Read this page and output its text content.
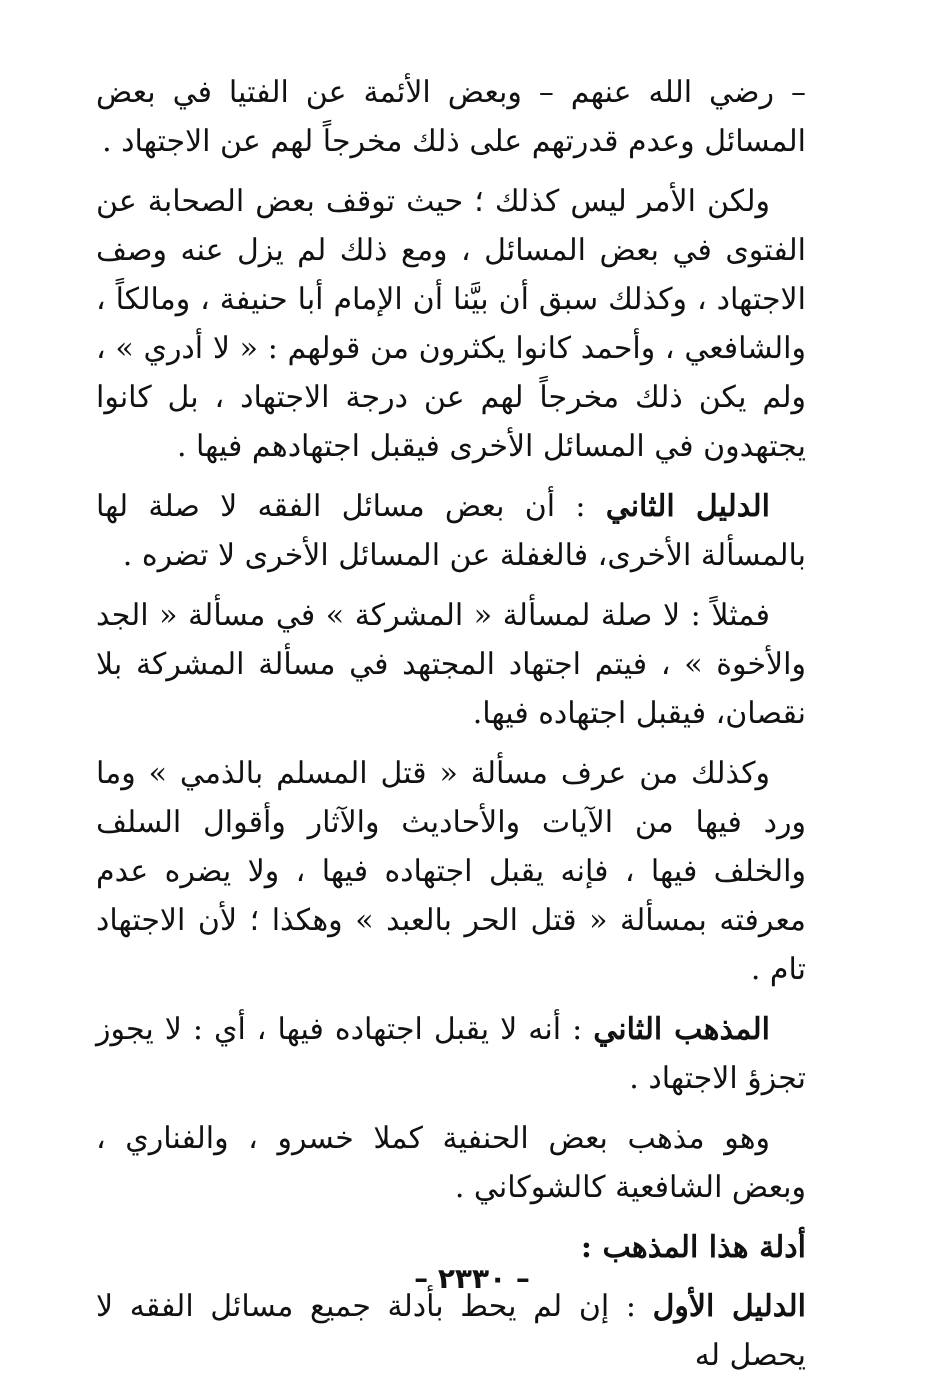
– رضي الله عنهم – وبعض الأئمة عن الفتيا في بعض المسائل وعدم قدرتهم على ذلك مخرجاً لهم عن الاجتهاد .

ولكن الأمر ليس كذلك ؛ حيث توقف بعض الصحابة عن الفتوى في بعض المسائل ، ومع ذلك لم يزل عنه وصف الاجتهاد ، وكذلك سبق أن بيَّنا أن الإمام أبا حنيفة ، ومالكاً ، والشافعي ، وأحمد كانوا يكثرون من قولهم : « لا أدري » ، ولم يكن ذلك مخرجاً لهم عن درجة الاجتهاد ، بل كانوا يجتهدون في المسائل الأخرى فيقبل اجتهادهم فيها .

الدليل الثاني : أن بعض مسائل الفقه لا صلة لها بالمسألة الأخرى، فالغفلة عن المسائل الأخرى لا تضره .

فمثلاً : لا صلة لمسألة « المشركة » في مسألة « الجد والأخوة » ، فيتم اجتهاد المجتهد في مسألة المشركة بلا نقصان، فيقبل اجتهاده فيها.

وكذلك من عرف مسألة « قتل المسلم بالذمي » وما ورد فيها من الآيات والأحاديث والآثار وأقوال السلف والخلف فيها ، فإنه يقبل اجتهاده فيها ، ولا يضره عدم معرفته بمسألة « قتل الحر بالعبد » وهكذا ؛ لأن الاجتهاد تام .

المذهب الثاني : أنه لا يقبل اجتهاده فيها ، أي : لا يجوز تجزؤ الاجتهاد .

وهو مذهب بعض الحنفية كملا خسرو ، والفناري ، وبعض الشافعية كالشوكاني .

أدلة هذا المذهب :

الدليل الأول : إن لم يحط بأدلة جميع مسائل الفقه لا يحصل له

– ٢٣٣٠ –
